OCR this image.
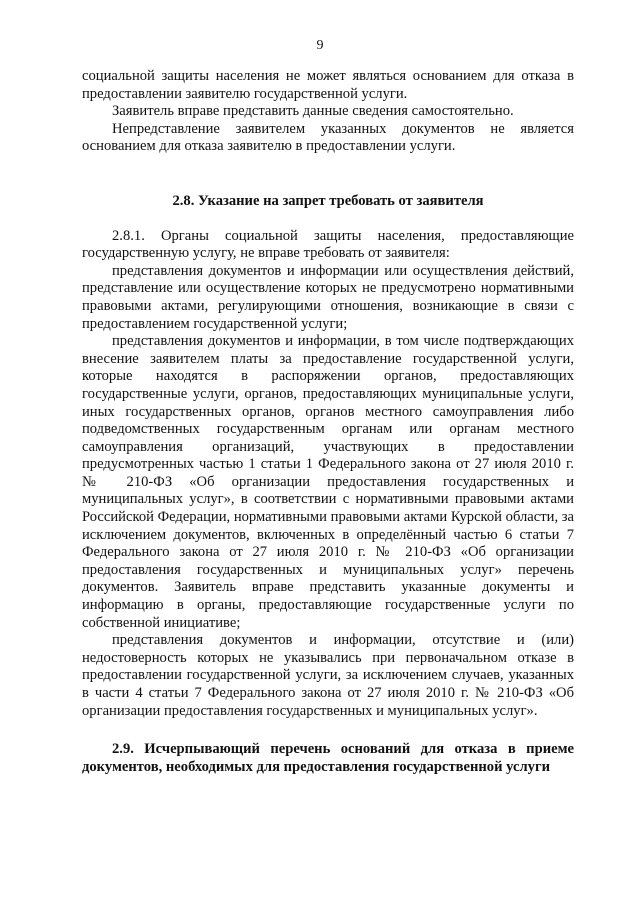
9

социальной защиты населения не может являться основанием для отказа в предоставлении заявителю государственной услуги.

Заявитель вправе представить данные сведения самостоятельно.

Непредставление заявителем указанных документов не является основанием для отказа заявителю в предоставлении услуги.

2.8. Указание на запрет требовать от заявителя

2.8.1. Органы социальной защиты населения, предоставляющие государственную услугу, не вправе требовать от заявителя:

представления документов и информации или осуществления действий, представление или осуществление которых не предусмотрено нормативными правовыми актами, регулирующими отношения, возникающие в связи с предоставлением государственной услуги;

представления документов и информации, в том числе подтверждающих внесение заявителем платы за предоставление государственной услуги, которые находятся в распоряжении органов, предоставляющих государственные услуги, органов, предоставляющих муниципальные услуги, иных государственных органов, органов местного самоуправления либо подведомственных государственным органам или органам местного самоуправления организаций, участвующих в предоставлении предусмотренных частью 1 статьи 1 Федерального закона от 27 июля 2010 г. № 210-ФЗ «Об организации предоставления государственных и муниципальных услуг», в соответствии с нормативными правовыми актами Российской Федерации, нормативными правовыми актами Курской области, за исключением документов, включенных в определённый частью 6 статьи 7 Федерального закона от 27 июля 2010 г. № 210-ФЗ «Об организации предоставления государственных и муниципальных услуг» перечень документов. Заявитель вправе представить указанные документы и информацию в органы, предоставляющие государственные услуги по собственной инициативе;

представления документов и информации, отсутствие и (или) недостоверность которых не указывались при первоначальном отказе в предоставлении государственной услуги, за исключением случаев, указанных в части 4 статьи 7 Федерального закона от 27 июля 2010 г. № 210-ФЗ «Об организации предоставления государственных и муниципальных услуг».

2.9. Исчерпывающий перечень оснований для отказа в приеме документов, необходимых для предоставления государственной услуги
